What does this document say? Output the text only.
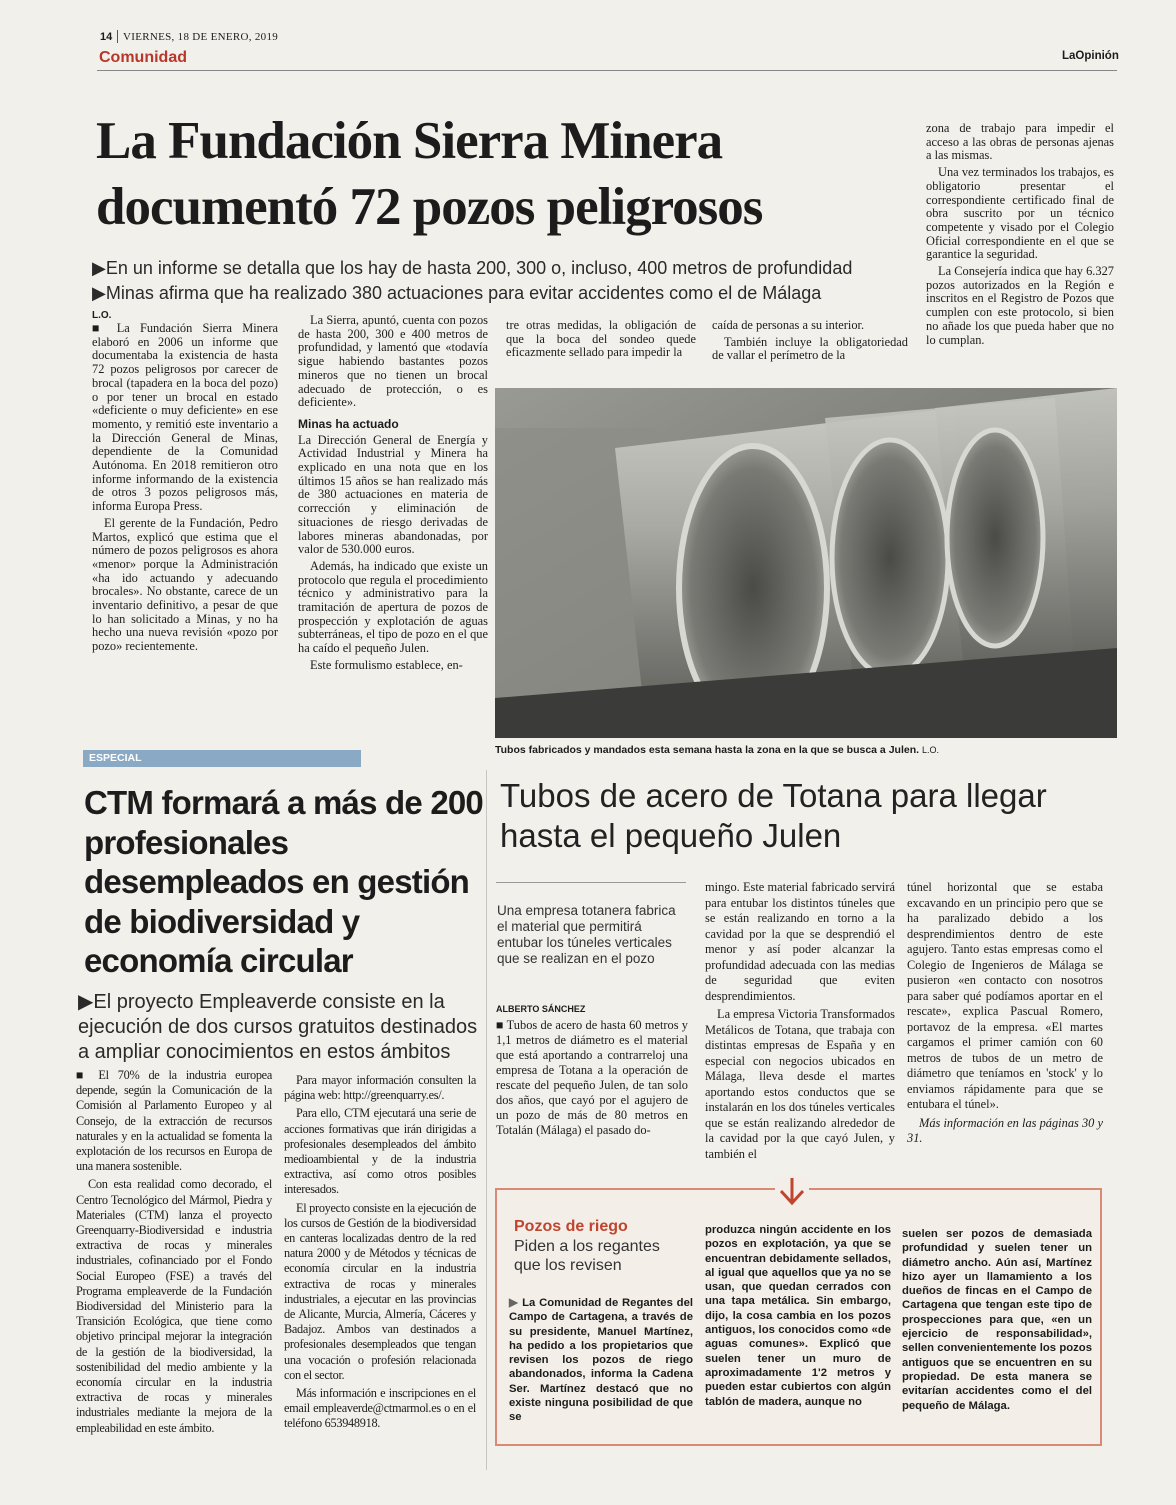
14 VIERNES, 18 DE ENERO, 2019
Comunidad	LaOpinión
La Fundación Sierra Minera
documentó 72 pozos peligrosos
▶En un informe se detalla que los hay de hasta 200, 300 o, incluso, 400 metros de profundidad
▶Minas afirma que ha realizado 380 actuaciones para evitar accidentes como el de Málaga
L.O.

■ La Fundación Sierra Minera elaboró en 2006 un informe que documentaba la existencia de hasta 72 pozos peligrosos por carecer de brocal (tapadera en la boca del pozo) o por tener un brocal en estado «deficiente o muy deficiente» en ese momento, y remitió este inventario a la Dirección General de Minas, dependiente de la Comunidad Autónoma. En 2018 remitieron otro informe informando de la existencia de otros 3 pozos peligrosos más, informa Europa Press.

El gerente de la Fundación, Pedro Martos, explicó que estima que el número de pozos peligrosos es ahora «menor» porque la Administración «ha ido actuando y adecuando brocales». No obstante, carece de un inventario definitivo, a pesar de que lo han solicitado a Minas, y no ha hecho una nueva revisión «pozo por pozo» recientemente.

La Sierra, apuntó, cuenta con pozos de hasta 200, 300 e 400 metros de profundidad, y lamentó que «todavía sigue habiendo bastantes pozos mineros que no tienen un brocal adecuado de protección, o es deficiente».

Minas ha actuado

La Dirección General de Energía y Actividad Industrial y Minera ha explicado en una nota que en los últimos 15 años se han realizado más de 380 actuaciones en materia de corrección y eliminación de situaciones de riesgo derivadas de labores mineras abandonadas, por valor de 530.000 euros.

Además, ha indicado que existe un protocolo que regula el procedimiento técnico y administrativo para la tramitación de apertura de pozos de prospección y explotación de aguas subterráneas, el tipo de pozo en el que ha caído el pequeño Julen.

Este formulismo establece, en-

tre otras medidas, la obligación de que la boca del sondeo quede eficazmente sellado para impedir la

caída de personas a su interior.

También incluye la obligatoriedad de vallar el perímetro de la

zona de trabajo para impedir el acceso a las obras de personas ajenas a las mismas.

Una vez terminados los trabajos, es obligatorio presentar el correspondiente certificado final de obra suscrito por un técnico competente y visado por el Colegio Oficial correspondiente en el que se garantice la seguridad.

La Consejería indica que hay 6.327 pozos autorizados en la Región e inscritos en el Registro de Pozos que cumplen con este protocolo, si bien no añade los que pueda haber que no lo cumplan.

Tubos fabricados y mandados esta semana hasta la zona en la que se busca a Julen. L.O.
ESPECIAL
CTM formará a más de 200 profesionales desempleados en gestión de biodiversidad y economía circular
▶El proyecto Empleaverde consiste en la ejecución de dos cursos gratuitos destinados a ampliar conocimientos en estos ámbitos

■ El 70% de la industria europea depende, según la Comunicación de la Comisión al Parlamento Europeo y al Consejo, de la extracción de recursos naturales y en la actualidad se fomenta la explotación de los recursos en Europa de una manera sostenible.

Con esta realidad como decorado, el Centro Tecnológico del Mármol, Piedra y Materiales (CTM) lanza el proyecto Greenquarry-Biodiversidad e industria extractiva de rocas y minerales industriales, cofinanciado por el Fondo Social Europeo (FSE) a través del Programa empleaverde de la Fundación Biodiversidad del Ministerio para la Transición Ecológica, que tiene como objetivo principal mejorar la integración de la gestión de la biodiversidad, la sostenibilidad del medio ambiente y la economía circular en la industria extractiva de rocas y minerales industriales mediante la mejora de la empleabilidad en este ámbito.

Para mayor información consulten la página web: http://greenquarry.es/.

Para ello, CTM ejecutará una serie de acciones formativas que irán dirigidas a profesionales desempleados del ámbito medioambiental y de la industria extractiva, así como otros posibles interesados.

El proyecto consiste en la ejecución de los cursos de Gestión de la biodiversidad en canteras localizadas dentro de la red natura 2000 y de Métodos y técnicas de economía circular en la industria extractiva de rocas y minerales industriales, a ejecutar en las provincias de Alicante, Murcia, Almería, Cáceres y Badajoz. Ambos van destinados a profesionales desempleados que tengan una vocación o profesión relacionada con el sector.

Más información e inscripciones en el email empleaverde@ctmarmol.es o en el teléfono 653948918.

Tubos de acero de Totana para llegar hasta el pequeño Julen
Una empresa totanera fabrica el material que permitirá entubar los túneles verticales que se realizan en el pozo
ALBERTO SÁNCHEZ

■ Tubos de acero de hasta 60 metros y 1,1 metros de diámetro es el material que está aportando a contrarreloj una empresa de Totana a la operación de rescate del pequeño Julen, de tan solo dos años, que cayó por el agujero de un pozo de más de 80 metros en Totalán (Málaga) el pasado do-

mingo. Este material fabricado servirá para entubar los distintos túneles que se están realizando en torno a la cavidad por la que se desprendió el menor y así poder alcanzar la profundidad adecuada con las medias de seguridad que eviten desprendimientos.

La empresa Victoria Transformados Metálicos de Totana, que trabaja con distintas empresas de España y en especial con negocios ubicados en Málaga, lleva desde el martes aportando estos conductos que se instalarán en los dos túneles verticales que se están realizando alrededor de la cavidad por la que cayó Julen, y también el

túnel horizontal que se estaba excavando en un principio pero que se ha paralizado debido a los desprendimientos dentro de este agujero. Tanto estas empresas como el Colegio de Ingenieros de Málaga se pusieron «en contacto con nosotros para saber qué podíamos aportar en el rescate», explica Pascual Romero, portavoz de la empresa. «El martes cargamos el primer camión con 60 metros de tubos de un metro de diámetro que teníamos en 'stock' y lo enviamos rápidamente para que se entubara el túnel».

Más información en las páginas 30 y 31.

Pozos de riego
Piden a los regantes que los revisen

▶ La Comunidad de Regantes del Campo de Cartagena, a través de su presidente, Manuel Martínez, ha pedido a los propietarios que revisen los pozos de riego abandonados, informa la Cadena Ser. Martínez destacó que no existe ninguna posibilidad de que se

produzca ningún accidente en los pozos en explotación, ya que se encuentran debidamente sellados, al igual que aquellos que ya no se usan, que quedan cerrados con una tapa metálica. Sin embargo, dijo, la cosa cambia en los pozos antiguos, los conocidos como «de aguas comunes». Explicó que suelen tener un muro de aproximadamente 1'2 metros y pueden estar cubiertos con algún tablón de madera, aunque no

suelen ser pozos de demasiada profundidad y suelen tener un diámetro ancho. Aún así, Martínez hizo ayer un llamamiento a los dueños de fincas en el Campo de Cartagena que tengan este tipo de prospecciones para que, «en un ejercicio de responsabilidad», sellen convenientemente los pozos antiguos que se encuentren en su propiedad. De esta manera se evitarían accidentes como el del pequeño de Málaga.
